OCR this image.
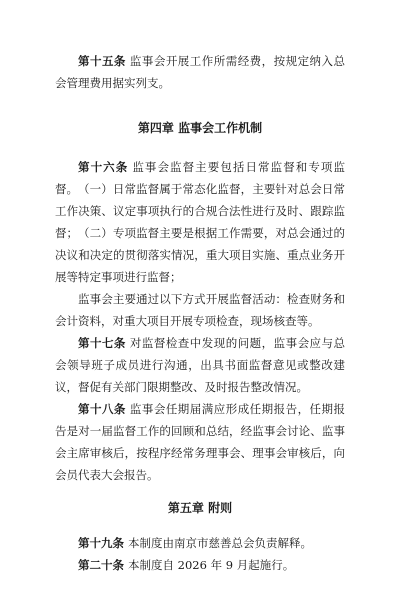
第十五条 监事会开展工作所需经费，按规定纳入总会管理费用据实列支。

第四章 监事会工作机制

第十六条 监事会监督主要包括日常监督和专项监督。 （一）日常监督属于常态化监督，主要针对总会日常工作决策、议定事项执行的合规合法性进行及时、跟踪监督； （二）专项监督主要是根据工作需要，对总会通过的决议和决定的贯彻落实情况，重大项目实施、重点业务开展等特定事项进行监督；

监事会主要通过以下方式开展监督活动：检查财务和会计资料，对重大项目开展专项检查，现场核查等。

第十七条 对监督检查中发现的问题，监事会应与总会领导班子成员进行沟通，出具书面监督意见或整改建议，督促有关部门限期整改、及时报告整改情况。

第十八条 监事会任期届满应形成任期报告，任期报告是对一届监督工作的回顾和总结，经监事会讨论、监事会主席审核后，按程序经常务理事会、理事会审核后，向会员代表大会报告。

第五章 附则

第十九条 本制度由南京市慈善总会负责解释。

第二十条 本制度自 2026 年 9 月起施行。
